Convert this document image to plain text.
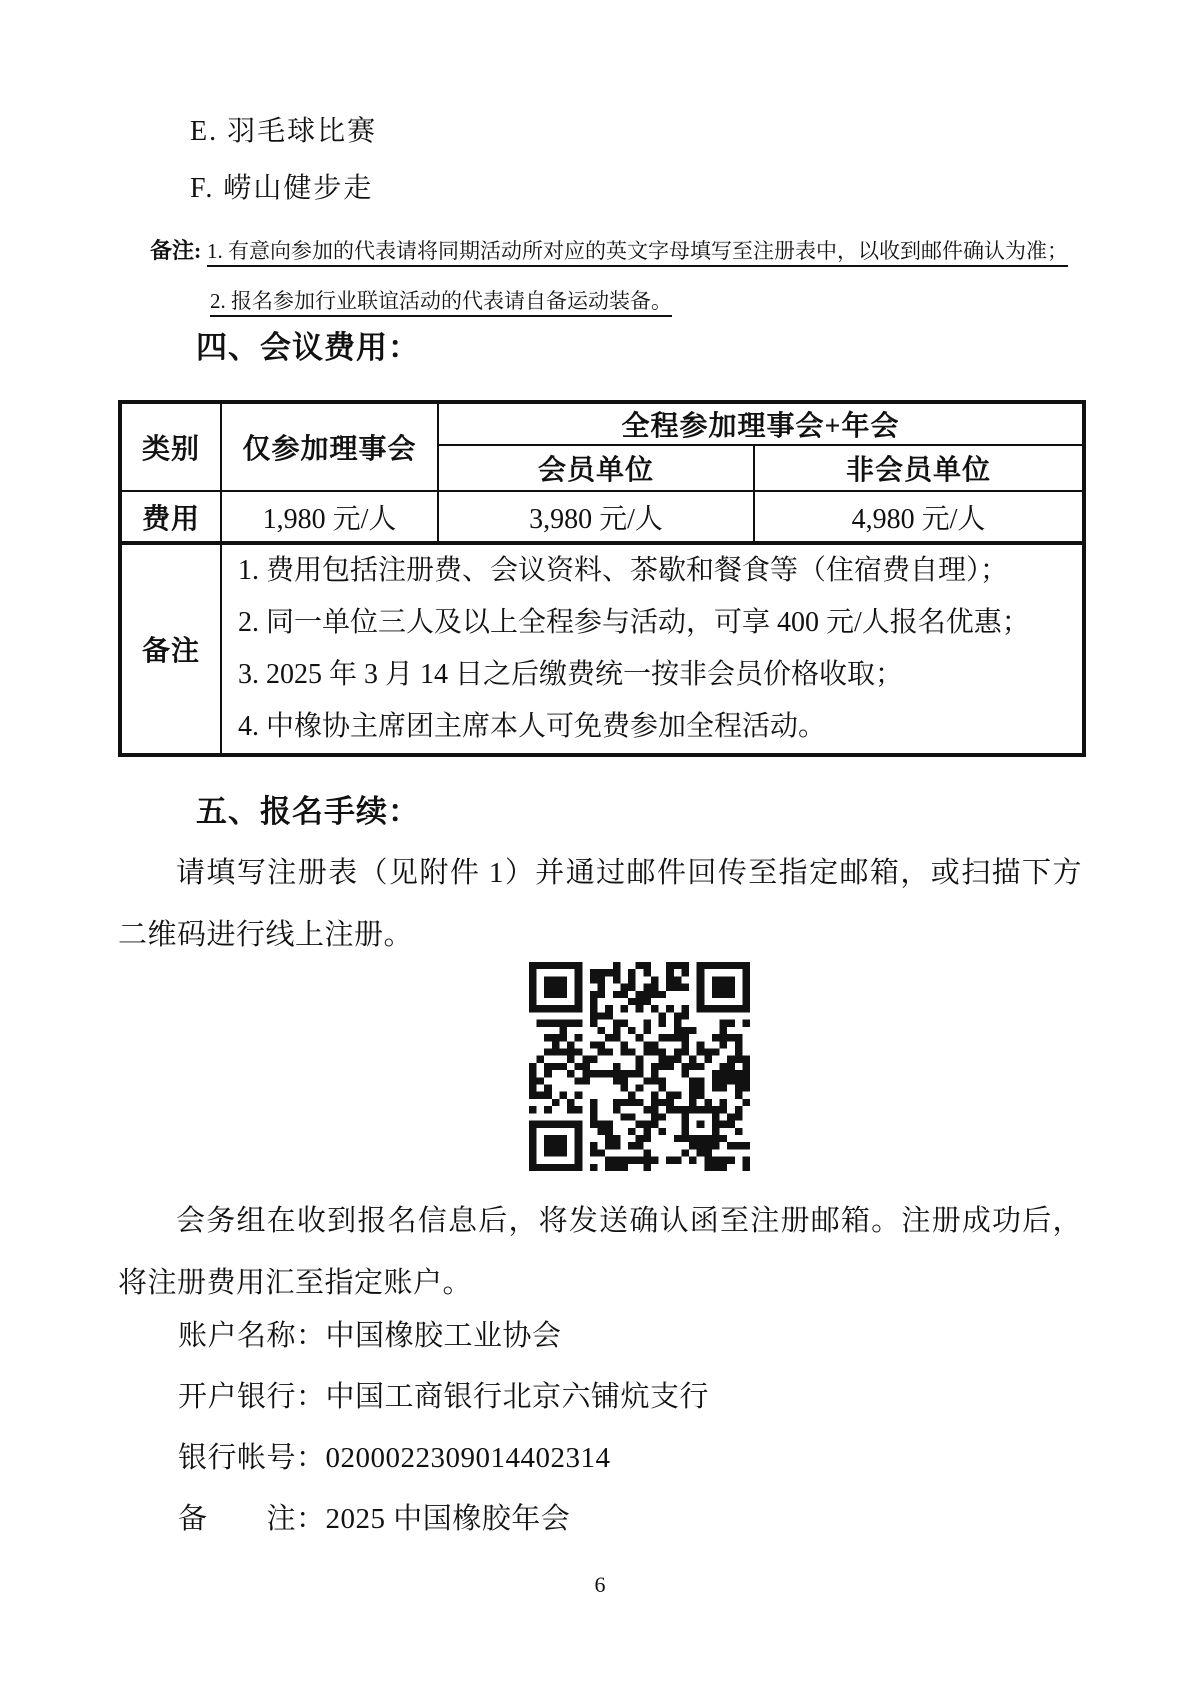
E. 羽毛球比赛
F. 崂山健步走
备注: 1. 有意向参加的代表请将同期活动所对应的英文字母填写至注册表中，以收到邮件确认为准；
2. 报名参加行业联谊活动的代表请自备运动装备。
四、会议费用：
类别	仅参加理事会	全程参加理事会+年会	
		会员单位	非会员单位
费用	1,980 元/人	3,980 元/人	4,980 元/人
备注	1. 费用包括注册费、会议资料、茶歇和餐食等（住宿费自理）；

2. 同一单位三人及以上全程参与活动，可享 400 元/人报名优惠；

3. 2025 年 3 月 14 日之后缴费统一按非会员价格收取；

4. 中橡协主席团主席本人可免费参加全程活动。		

五、报名手续：
请填写注册表（见附件 1）并通过邮件回传至指定邮箱，或扫描下方二维码进行线上注册。
会务组在收到报名信息后，将发送确认函至注册邮箱。注册成功后，将注册费用汇至指定账户。
账户名称：中国橡胶工业协会
开户银行：中国工商银行北京六铺炕支行
银行帐号：0200022309014402314
备　　注：2025 中国橡胶年会
6
